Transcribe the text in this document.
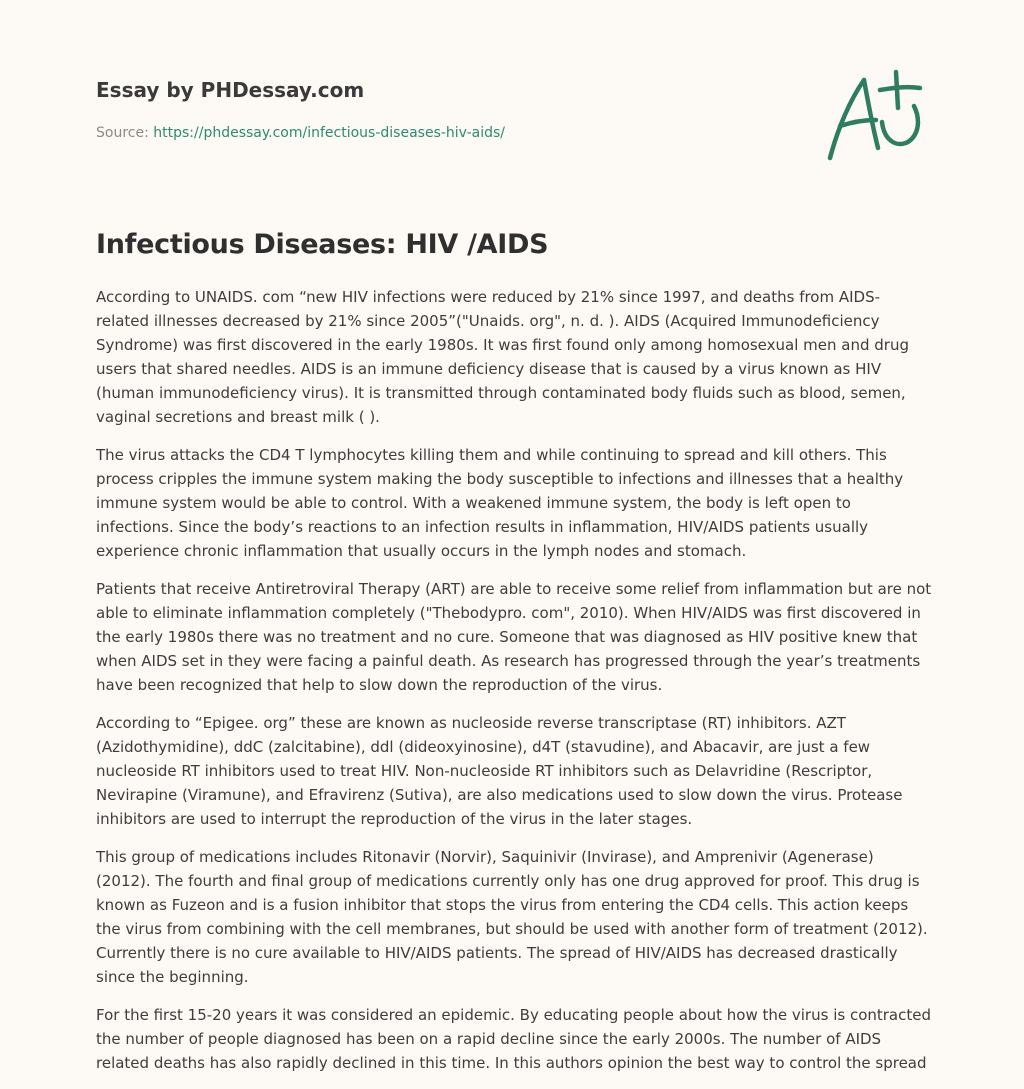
Essay by PHDessay.com
Source: https://phdessay.com/infectious-diseases-hiv-aids/
Infectious Diseases: HIV /AIDS

According to UNAIDS. com “new HIV infections were reduced by 21% since 1997, and deaths from AIDS-related illnesses decreased by 21% since 2005”("Unaids. org", n. d. ). AIDS (Acquired Immunodeficiency Syndrome) was first discovered in the early 1980s. It was first found only among homosexual men and drug users that shared needles. AIDS is an immune deficiency disease that is caused by a virus known as HIV (human immunodeficiency virus). It is transmitted through contaminated body fluids such as blood, semen, vaginal secretions and breast milk ( ).

The virus attacks the CD4 T lymphocytes killing them and while continuing to spread and kill others. This process cripples the immune system making the body susceptible to infections and illnesses that a healthy immune system would be able to control. With a weakened immune system, the body is left open to infections. Since the body’s reactions to an infection results in inflammation, HIV/AIDS patients usually experience chronic inflammation that usually occurs in the lymph nodes and stomach.

Patients that receive Antiretroviral Therapy (ART) are able to receive some relief from inflammation but are not able to eliminate inflammation completely ("Thebodypro. com", 2010). When HIV/AIDS was first discovered in the early 1980s there was no treatment and no cure. Someone that was diagnosed as HIV positive knew that when AIDS set in they were facing a painful death. As research has progressed through the year’s treatments have been recognized that help to slow down the reproduction of the virus.

According to “Epigee. org” these are known as nucleoside reverse transcriptase (RT) inhibitors. AZT (Azidothymidine), ddC (zalcitabine), ddl (dideoxyinosine), d4T (stavudine), and Abacavir, are just a few nucleoside RT inhibitors used to treat HIV. Non-nucleoside RT inhibitors such as Delavridine (Rescriptor, Nevirapine (Viramune), and Efravirenz (Sutiva), are also medications used to slow down the virus. Protease inhibitors are used to interrupt the reproduction of the virus in the later stages.

This group of medications includes Ritonavir (Norvir), Saquinivir (Invirase), and Amprenivir (Agenerase) (2012). The fourth and final group of medications currently only has one drug approved for proof. This drug is known as Fuzeon and is a fusion inhibitor that stops the virus from entering the CD4 cells. This action keeps the virus from combining with the cell membranes, but should be used with another form of treatment (2012). Currently there is no cure available to HIV/AIDS patients. The spread of HIV/AIDS has decreased drastically since the beginning.

For the first 15-20 years it was considered an epidemic. By educating people about how the virus is contracted the number of people diagnosed has been on a rapid decline since the early 2000s. The number of AIDS related deaths has also rapidly declined in this time. In this authors opinion the best way to control the spread
